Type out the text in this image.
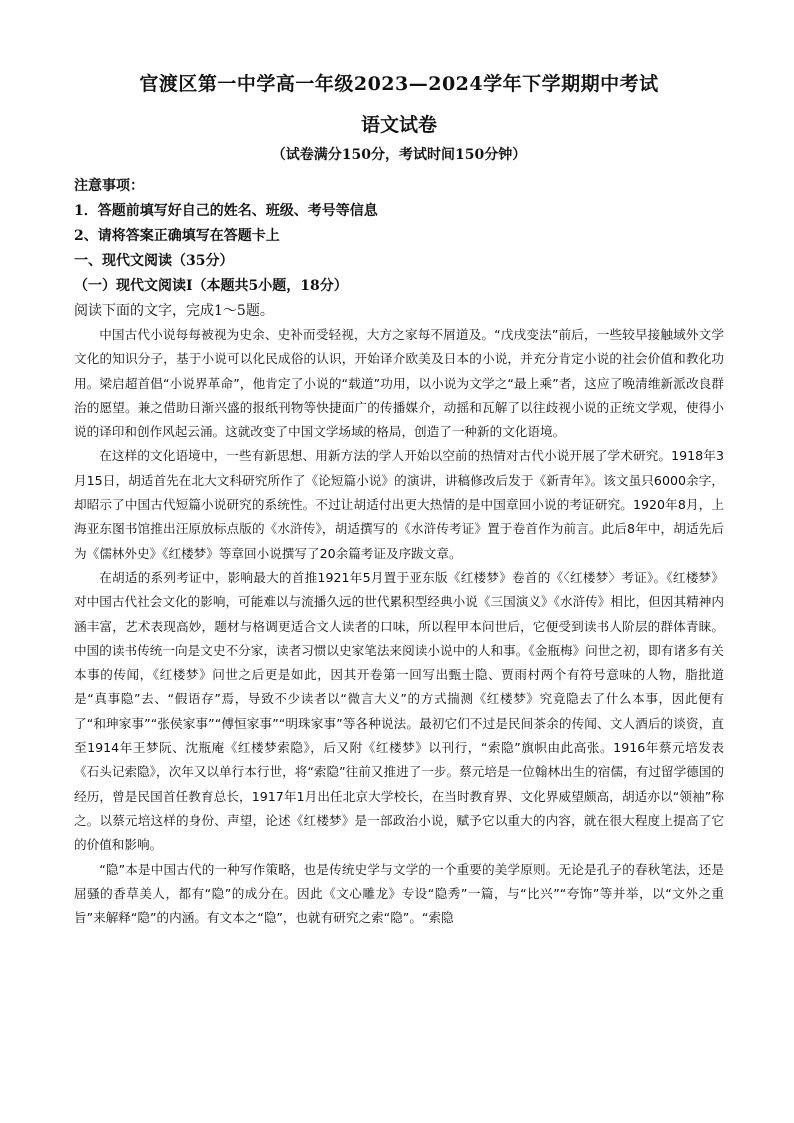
官渡区第一中学高一年级2023—2024学年下学期期中考试
语文试卷
（试卷满分150分，考试时间150分钟）
注意事项：
1．答题前填写好自己的姓名、班级、考号等信息
2、请将答案正确填写在答题卡上
一、现代文阅读（35分）
（一）现代文阅读Ⅰ（本题共5小题，18分）
阅读下面的文字，完成1～5题。

中国古代小说每每被视为史余、史补而受轻视，大方之家每不屑道及。“戊戌变法”前后，一些较早接触域外文学文化的知识分子，基于小说可以化民成俗的认识，开始译介欧美及日本的小说，并充分肯定小说的社会价值和教化功用。梁启超首倡“小说界革命”，他肯定了小说的“载道”功用，以小说为文学之“最上乘”者，这应了晚清维新派改良群治的愿望。兼之借助日渐兴盛的报纸刊物等快捷面广的传播媒介，动摇和瓦解了以往歧视小说的正统文学观，使得小说的译印和创作风起云涌。这就改变了中国文学场域的格局，创造了一种新的文化语境。

在这样的文化语境中，一些有新思想、用新方法的学人开始以空前的热情对古代小说开展了学术研究。1918年3月15日，胡适首先在北大文科研究所作了《论短篇小说》的演讲，讲稿修改后发于《新青年》。该文虽只6000余字，却昭示了中国古代短篇小说研究的系统性。不过让胡适付出更大热情的是中国章回小说的考证研究。1920年8月，上海亚东图书馆推出汪原放标点版的《水浒传》，胡适撰写的《水浒传考证》置于卷首作为前言。此后8年中，胡适先后为《儒林外史》《红楼梦》等章回小说撰写了20余篇考证及序跋文章。

在胡适的系列考证中，影响最大的首推1921年5月置于亚东版《红楼梦》卷首的《〈红楼梦〉考证》。《红楼梦》对中国古代社会文化的影响，可能难以与流播久远的世代累积型经典小说《三国演义》《水浒传》相比，但因其精神内涵丰富，艺术表现高妙，题材与格调更适合文人读者的口味，所以程甲本问世后，它便受到读书人阶层的群体青睐。中国的读书传统一向是文史不分家，读者习惯以史家笔法来阅读小说中的人和事。《金瓶梅》问世之初，即有诸多有关本事的传闻，《红楼梦》问世之后更是如此，因其开卷第一回写出甄士隐、贾雨村两个有符号意味的人物，脂批道是“真事隐”去、“假语存”焉，导致不少读者以“微言大义”的方式揣测《红楼梦》究竟隐去了什么本事，因此便有了“和珅家事”“张侯家事”“傅恒家事”“明珠家事”等各种说法。最初它们不过是民间茶余的传闻、文人酒后的谈资，直至1914年王梦阮、沈瓶庵《红楼梦索隐》，后又附《红楼梦》以刊行，“索隐”旗帜由此高张。1916年蔡元培发表《石头记索隐》，次年又以单行本行世，将“索隐”往前又推进了一步。蔡元培是一位翰林出生的宿儒，有过留学德国的经历，曾是民国首任教育总长，1917年1月出任北京大学校长，在当时教育界、文化界威望颇高，胡适亦以“领袖”称之。以蔡元培这样的身份、声望，论述《红楼梦》是一部政治小说，赋予它以重大的内容，就在很大程度上提高了它的价值和影响。

“隐”本是中国古代的一种写作策略，也是传统史学与文学的一个重要的美学原则。无论是孔子的春秋笔法，还是屈骚的香草美人，都有“隐”的成分在。因此《文心雕龙》专设“隐秀”一篇，与“比兴”“夸饰”等并举，以“文外之重旨”来解释“隐”的内涵。有文本之“隐”，也就有研究之索“隐”。“索隐
